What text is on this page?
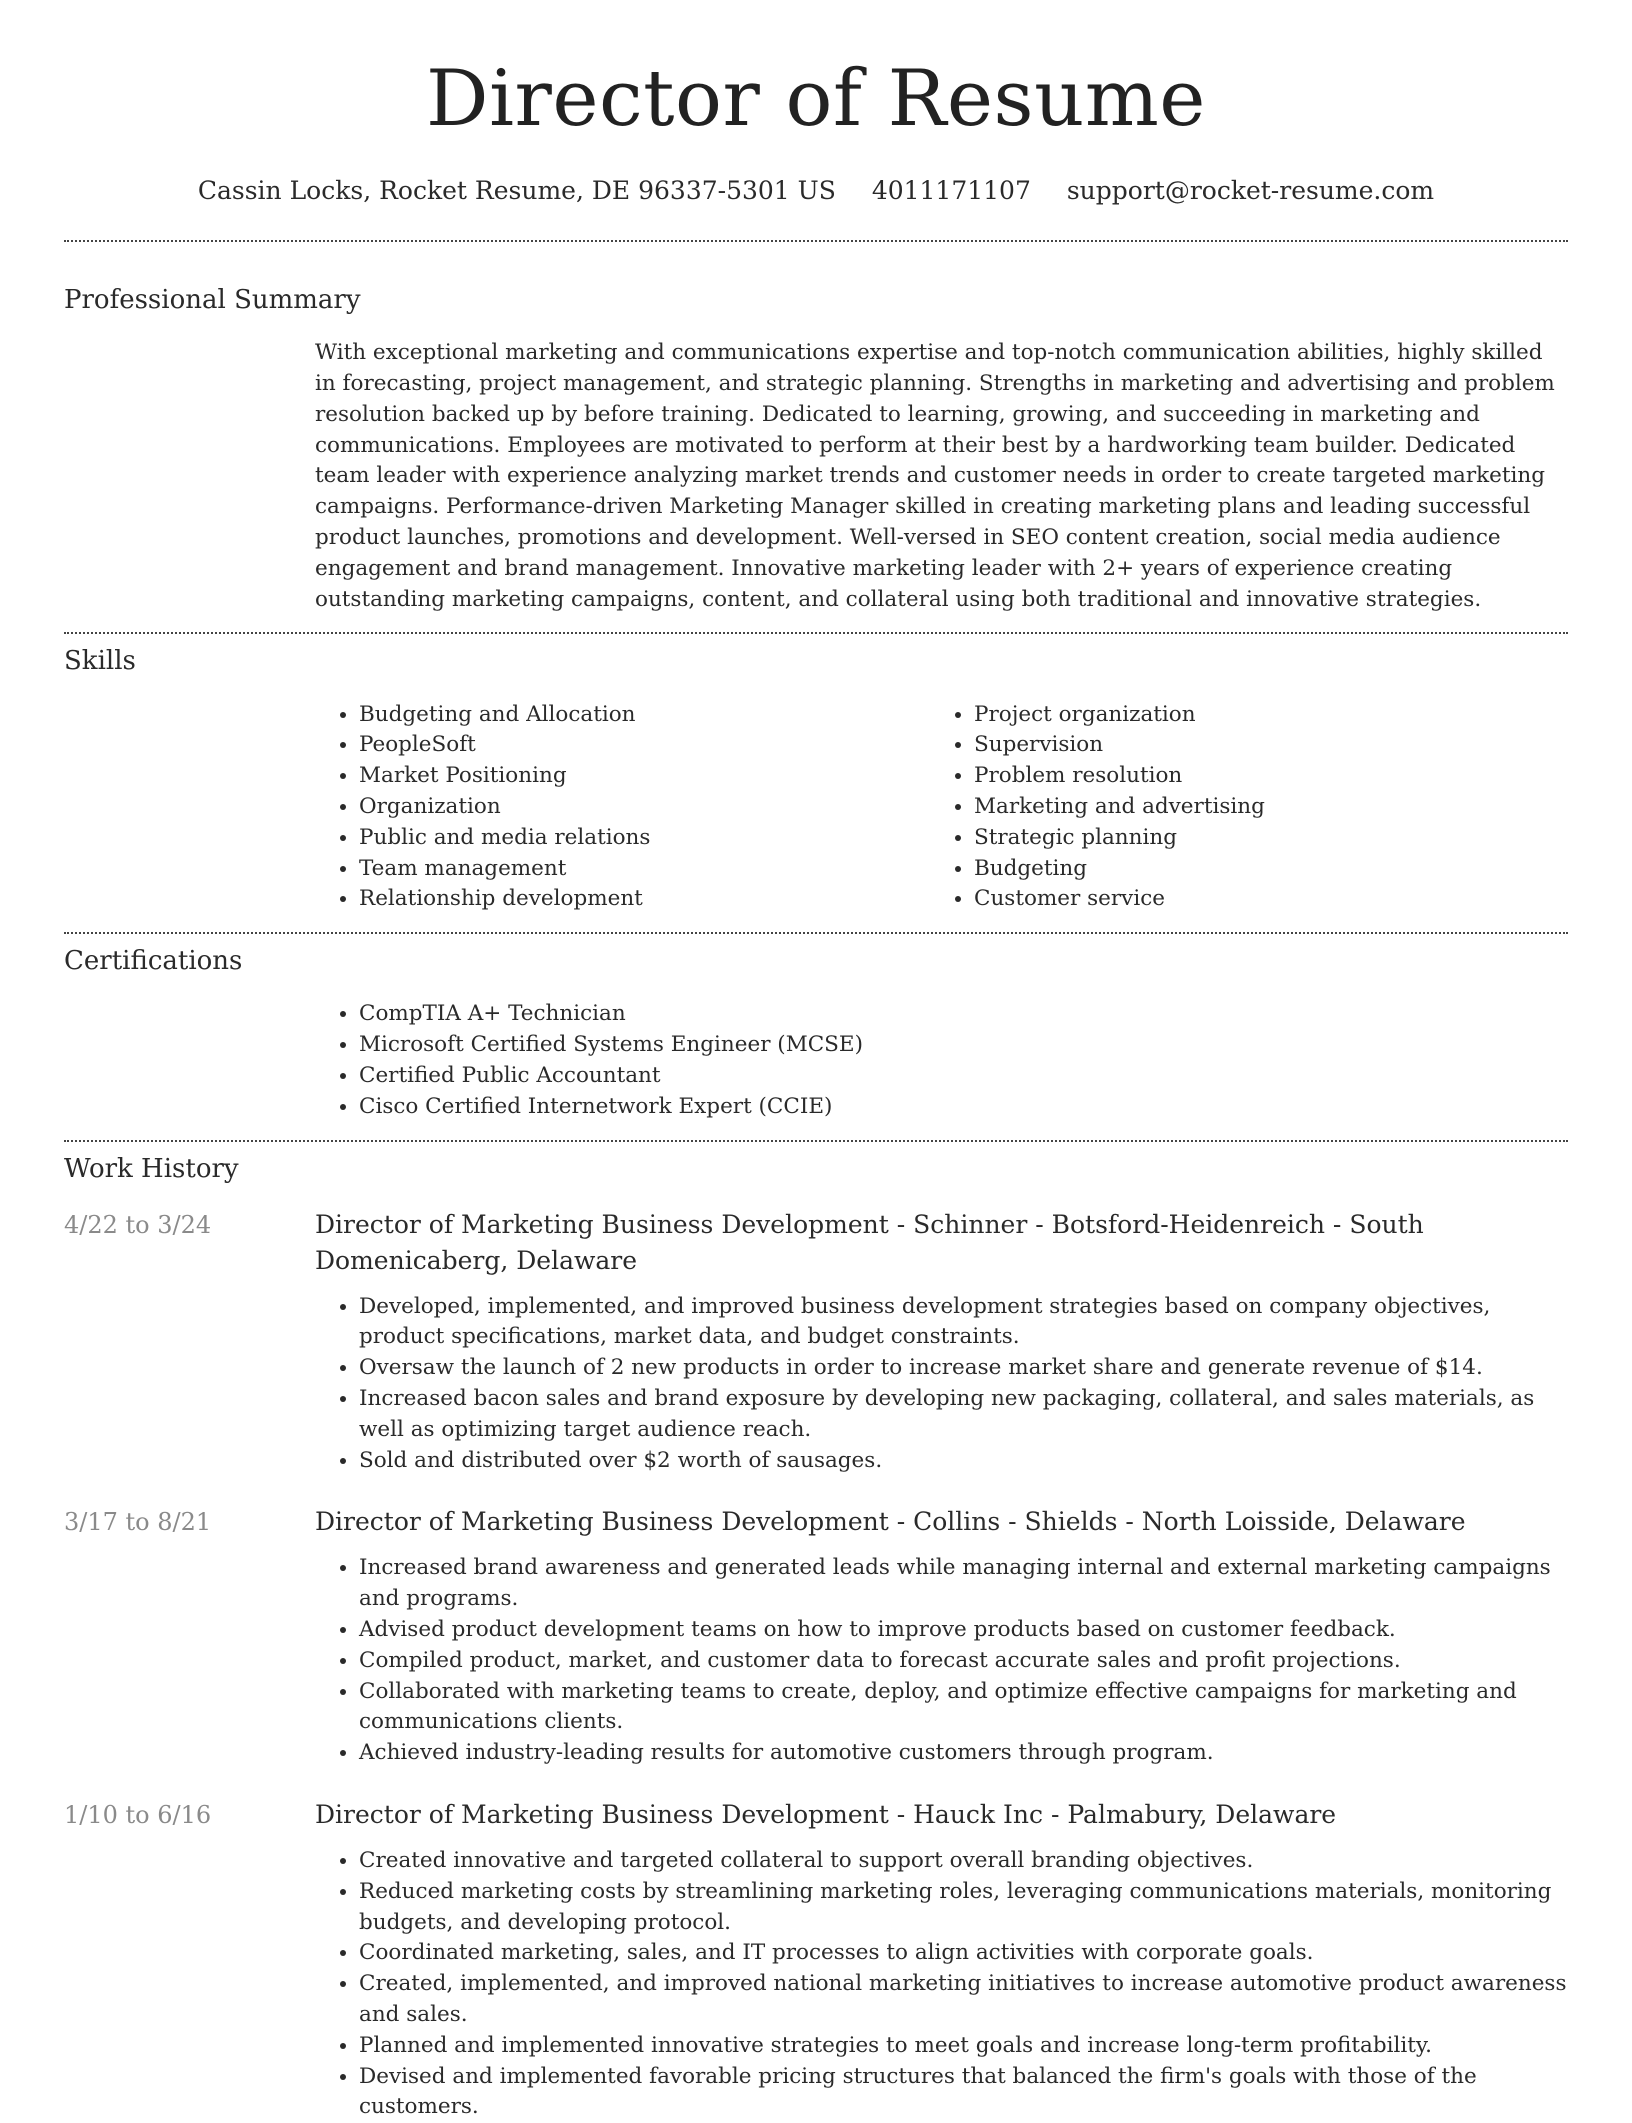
Director of Resume
Cassin Locks, Rocket Resume, DE 96337-5301 US 4011171107 support@rocket-resume.com
Professional Summary
With exceptional marketing and communications expertise and top-notch communication abilities, highly skilled in forecasting, project management, and strategic planning. Strengths in marketing and advertising and problem resolution backed up by before training. Dedicated to learning, growing, and succeeding in marketing and communications. Employees are motivated to perform at their best by a hardworking team builder. Dedicated team leader with experience analyzing market trends and customer needs in order to create targeted marketing campaigns. Performance-driven Marketing Manager skilled in creating marketing plans and leading successful product launches, promotions and development. Well-versed in SEO content creation, social media audience engagement and brand management. Innovative marketing leader with 2+ years of experience creating outstanding marketing campaigns, content, and collateral using both traditional and innovative strategies.
Skills
• Budgeting and Allocation
• PeopleSoft
• Market Positioning
• Organization
• Public and media relations
• Team management
• Relationship development
• Project organization
• Supervision
• Problem resolution
• Marketing and advertising
• Strategic planning
• Budgeting
• Customer service
Certifications
• CompTIA A+ Technician
• Microsoft Certified Systems Engineer (MCSE)
• Certified Public Accountant
• Cisco Certified Internetwork Expert (CCIE)
Work History
4/22 to 3/24	Director of Marketing Business Development - Schinner - Botsford-Heidenreich - South Domenicaberg, Delaware
• Developed, implemented, and improved business development strategies based on company objectives, product specifications, market data, and budget constraints.
• Oversaw the launch of 2 new products in order to increase market share and generate revenue of $14.
• Increased bacon sales and brand exposure by developing new packaging, collateral, and sales materials, as well as optimizing target audience reach.
• Sold and distributed over $2 worth of sausages.
3/17 to 8/21	Director of Marketing Business Development - Collins - Shields - North Loisside, Delaware
• Increased brand awareness and generated leads while managing internal and external marketing campaigns and programs.
• Advised product development teams on how to improve products based on customer feedback.
• Compiled product, market, and customer data to forecast accurate sales and profit projections.
• Collaborated with marketing teams to create, deploy, and optimize effective campaigns for marketing and communications clients.
• Achieved industry-leading results for automotive customers through program.
1/10 to 6/16	Director of Marketing Business Development - Hauck Inc - Palmabury, Delaware
• Created innovative and targeted collateral to support overall branding objectives.
• Reduced marketing costs by streamlining marketing roles, leveraging communications materials, monitoring budgets, and developing protocol.
• Coordinated marketing, sales, and IT processes to align activities with corporate goals.
• Created, implemented, and improved national marketing initiatives to increase automotive product awareness and sales.
• Planned and implemented innovative strategies to meet goals and increase long-term profitability.
• Devised and implemented favorable pricing structures that balanced the firm's goals with those of the customers.
